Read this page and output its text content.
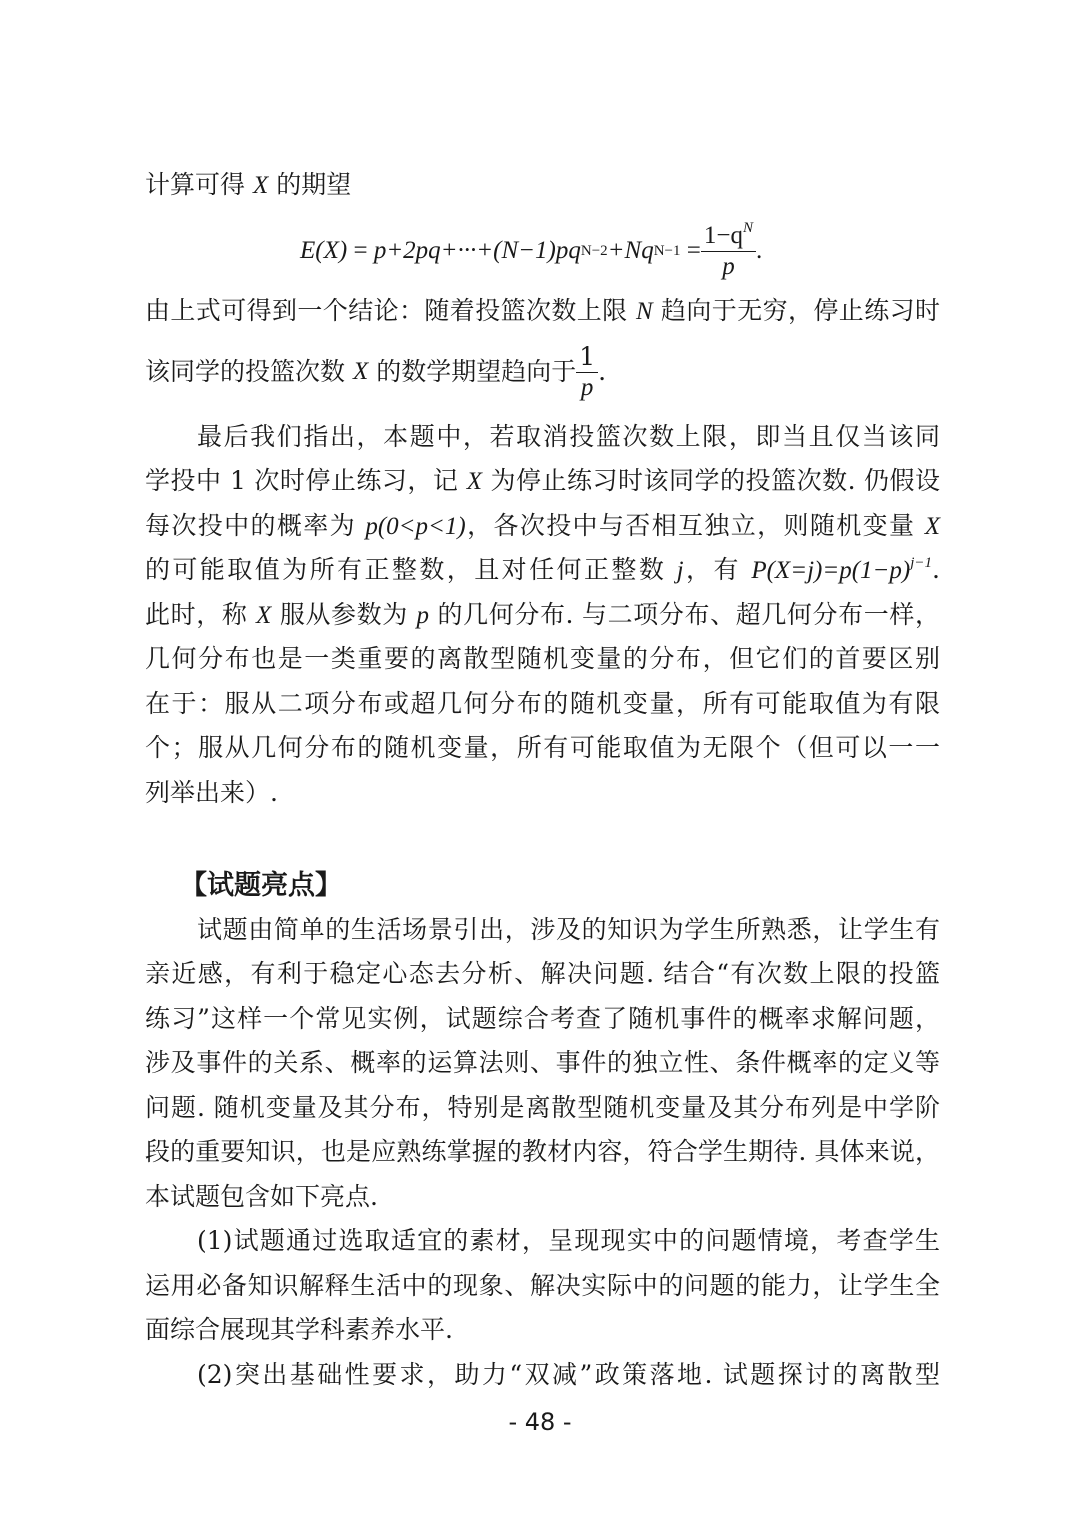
计算可得 X 的期望
E(X)
=
p+2pq+···+(N−1)pq N−2 +Nq N−1
= $\frac{1-q^N}{p}$ .
由上式可得到一个结论：随着投篮次数上限 N 趋向于无穷，停止练习时
该同学的投篮次数
X
的数学期望趋向于 $\frac{1}{p}$ .
最后我们指出，本题中，若取消投篮次数上限，即当且仅当该同
学投中 1 次时停止练习，记 X 为停止练习时该同学的投篮次数. 仍假设
每次投中的概率为 p(0<p<1)，各次投中与否相互独立，则随机变量 X
的可能取值为所有正整数，且对任何正整数 j，有 $P(X=j)=p(1-p)^{j-1}$.
此时，称 X 服从参数为 p 的几何分布. 与二项分布、超几何分布一样，
几何分布也是一类重要的离散型随机变量的分布，但它们的首要区别
在于：服从二项分布或超几何分布的随机变量，所有可能取值为有限
个；服从几何分布的随机变量，所有可能取值为无限个（但可以一一
列举出来）.
【试题亮点】
试题由简单的生活场景引出，涉及的知识为学生所熟悉，让学生有
亲近感，有利于稳定心态去分析、解决问题. 结合“有次数上限的投篮
练习”这样一个常见实例，试题综合考查了随机事件的概率求解问题，
涉及事件的关系、概率的运算法则、事件的独立性、条件概率的定义等
问题. 随机变量及其分布，特别是离散型随机变量及其分布列是中学阶
段的重要知识，也是应熟练掌握的教材内容，符合学生期待. 具体来说，
本试题包含如下亮点.
(1)试题通过选取适宜的素材，呈现现实中的问题情境，考查学生
运用必备知识解释生活中的现象、解决实际中的问题的能力，让学生全
面综合展现其学科素养水平.
(2)突出基础性要求，助力“双减”政策落地. 试题探讨的离散型
- 48 -
